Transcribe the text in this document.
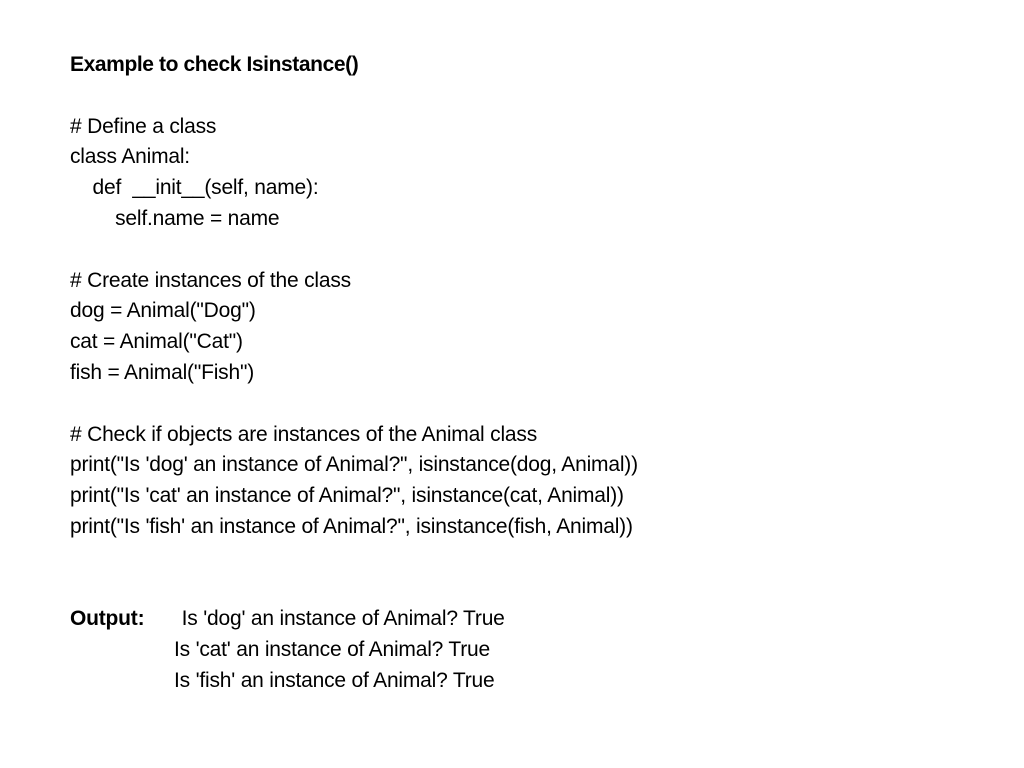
Example to check Isinstance()
# Define a class
class Animal:
def  __init__(self, name):
self.name = name
# Create instances of the class
dog = Animal("Dog")
cat = Animal("Cat")
fish = Animal("Fish")
# Check if objects are instances of the Animal class
print("Is 'dog' an instance of Animal?", isinstance(dog, Animal))
print("Is 'cat' an instance of Animal?", isinstance(cat, Animal))
print("Is 'fish' an instance of Animal?", isinstance(fish, Animal))
Output:	Is 'dog' an instance of Animal? True
Is 'cat' an instance of Animal? True
Is 'fish' an instance of Animal? True
